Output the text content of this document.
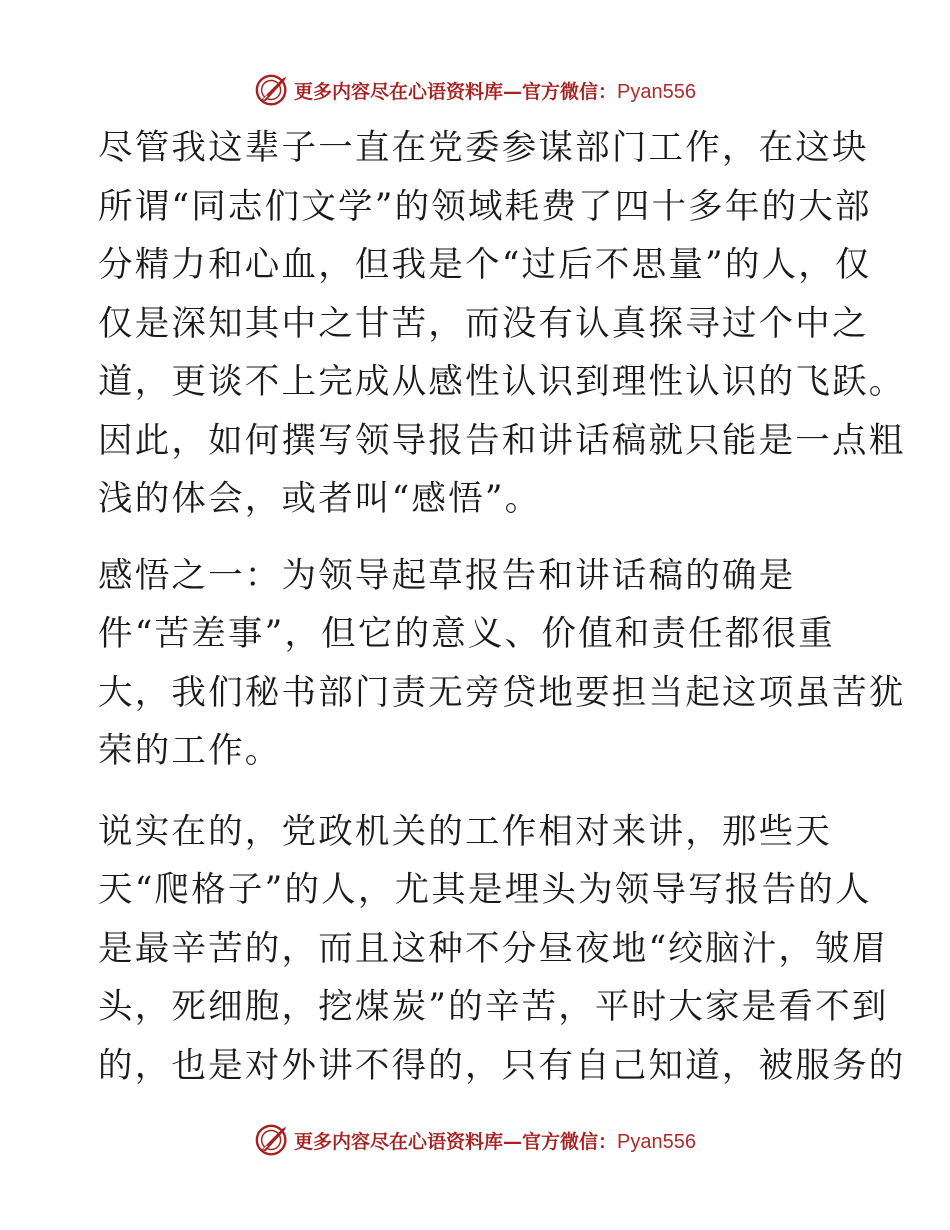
更多内容尽在心语资料库—官方微信：Pyan556

尽管我这辈子一直在党委参谋部门工作，在这块
所谓“同志们文学”的领域耗费了四十多年的大部
分精力和心血，但我是个“过后不思量”的人，仅
仅是深知其中之甘苦，而没有认真探寻过个中之
道，更谈不上完成从感性认识到理性认识的飞跃。
因此，如何撰写领导报告和讲话稿就只能是一点粗
浅的体会，或者叫“感悟”。

感悟之一：为领导起草报告和讲话稿的确是
件“苦差事”，但它的意义、价值和责任都很重
大，我们秘书部门责无旁贷地要担当起这项虽苦犹
荣的工作。

说实在的，党政机关的工作相对来讲，那些天
天“爬格子”的人，尤其是埋头为领导写报告的人
是最辛苦的，而且这种不分昼夜地“绞脑汁，皱眉
头，死细胞，挖煤炭”的辛苦，平时大家是看不到
的，也是对外讲不得的，只有自己知道，被服务的

更多内容尽在心语资料库—官方微信：Pyan556
